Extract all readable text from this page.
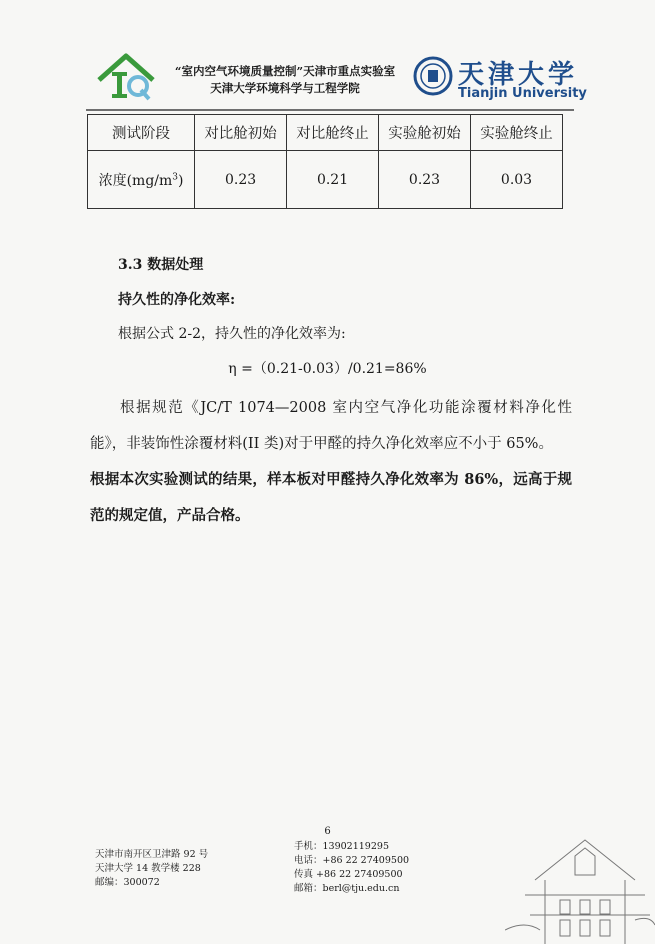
“室内空气环境质量控制”天津市重点实验室
天津大学环境科学与工程学院	天津大学
Tianjin University
测试阶段	对比舱初始	对比舱终止	实验舱初始	实验舱终止
浓度$(mg/m^3)$	0.23	0.21	0.23	0.03
3.3 数据处理
持久性的净化效率:
根据公式 2-2，持久性的净化效率为:
η =（0.21-0.03）/0.21=86%

根据规范《JC/T 1074—2008 室内空气净化功能涂覆材料净化性能》，非装饰性涂覆材料(II 类)对于甲醛的持久净化效率应不小于 65%。

根据本次实验测试的结果，样本板对甲醛持久净化效率为 86%，远高于规范的规定值，产品合格。

6
天津市南开区卫津路 92 号
天津大学 14 教学楼 228
邮编：300072
手机：13902119295
电话：+86 22 27409500
传真 +86 22 27409500
邮箱：berl@tju.edu.cn
